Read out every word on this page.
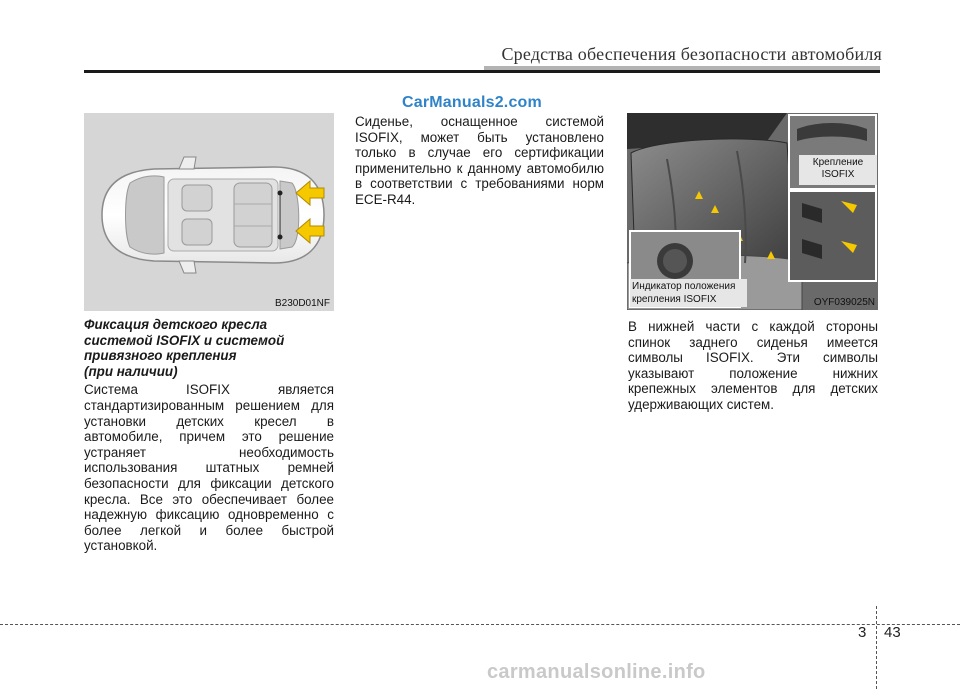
Средства обеспечения безопасности автомобиля
CarManuals2.com
B230D01NF

Фиксация детского кресла
системой ISOFIX и системой
привязного крепления
(при наличии)

Система ISOFIX является стандартизированным решением для установки детских кресел в автомобиле, причем это решение устраняет необходимость использования штатных ремней безопасности для фиксации детского кресла. Все это обеспечивает более надежную фиксацию одновременно с более легкой и более быстрой установкой.

Сиденье, оснащенное системой ISOFIX, может быть установлено только в случае его сертификации применительно к данному автомобилю в соответствии с требованиями норм ECE-R44.

Крепление
ISOFIX
Индикатор положения
крепления ISOFIX	OYF039025N

В нижней части с каждой стороны спинок заднего сиденья имеется символы ISOFIX. Эти символы указывают положение нижних крепежных элементов для детских удерживающих систем.

3 43
carmanualsonline.info
